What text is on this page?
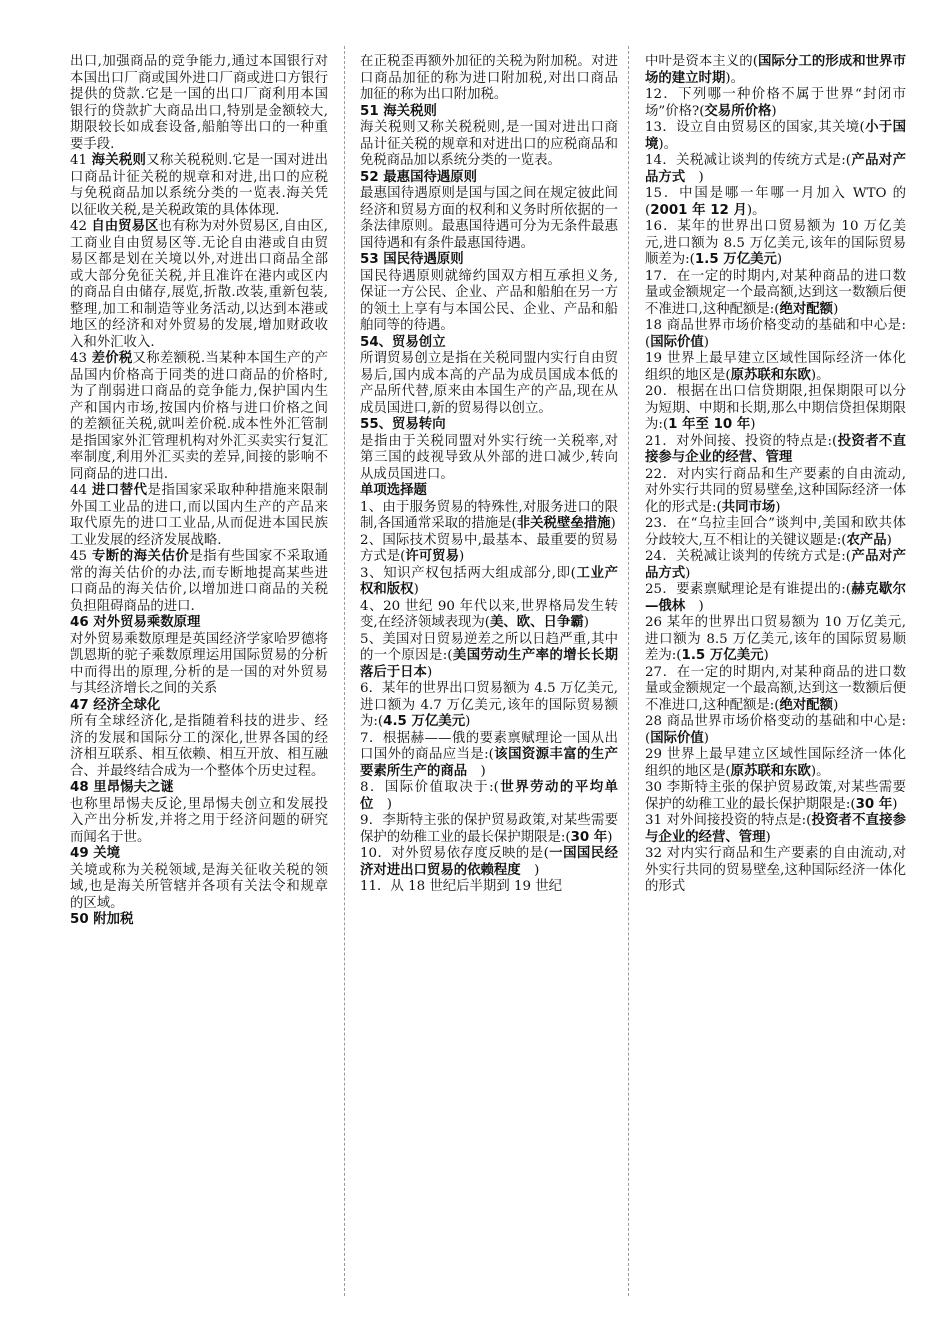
出口,加强商品的竞争能力,通过本国银行对本国出口厂商或国外进口厂商或进口方银行提供的贷款.它是一国的出口厂商利用本国银行的贷款扩大商品出口,特别是金额较大,期限较长如成套设备,船舶等出口的一种重要手段.

41 海关税则又称关税税则.它是一国对进出口商品计征关税的规章和对进,出口的应税与免税商品加以系统分类的一览表.海关凭以征收关税,是关税政策的具体体现.

42 自由贸易区也有称为对外贸易区,自由区,工商业自由贸易区等.无论自由港或自由贸易区都是划在关境以外,对进出口商品全部或大部分免征关税,并且准许在港内或区内的商品自由储存,展览,折散.改装,重新包装,整理,加工和制造等业务活动,以达到本港或地区的经济和对外贸易的发展,增加财政收入和外汇收入.

43 差价税又称差额税.当某种本国生产的产品国内价格高于同类的进口商品的价格时,为了削弱进口商品的竞争能力,保护国内生产和国内市场,按国内价格与进口价格之间的差额征关税,就叫差价税.成本性外汇管制是指国家外汇管理机构对外汇买卖实行复汇率制度,利用外汇买卖的差异,间接的影响不同商品的进口出.

44 进口替代是指国家采取种种措施来限制外国工业品的进口,而以国内生产的产品来取代原先的进口工业品,从而促进本国民族工业发展的经济发展战略.

45 专断的海关估价是指有些国家不采取通常的海关估价的办法,而专断地提高某些进口商品的海关估价,以增加进口商品的关税负担阻碍商品的进口.

46 对外贸易乘数原理

对外贸易乘数原理是英国经济学家哈罗德将凯恩斯的驼子乘数原理运用国际贸易的分析中而得出的原理,分析的是一国的对外贸易与其经济增长之间的关系

47 经济全球化

所有全球经济化,是指随着科技的进步、经济的发展和国际分工的深化,世界各国的经济相互联系、相互依赖、相互开放、相互融合、并最终结合成为一个整体个历史过程。

48 里昂惕夫之谜

也称里昂惕夫反论,里昂惕夫创立和发展投入产出分析发,并将之用于经济问题的研究而闻名于世。

49 关境

关境或称为关税领域,是海关征收关税的领域,也是海关所管辖并各项有关法令和规章的区域。

50 附加税

在正税歪再额外加征的关税为附加税。对进口商品加征的称为进口附加税,对出口商品加征的称为出口附加税。

51 海关税则

海关税则又称关税税则,是一国对进出口商品计征关税的规章和对进出口的应税商品和免税商品加以系统分类的一览表。

52 最惠国待遇原则

最惠国待遇原则是国与国之间在规定彼此间经济和贸易方面的权利和义务时所依据的一条法律原则。最惠国待遇可分为无条件最惠国待遇和有条件最惠国待遇。

53 国民待遇原则

国民待遇原则就缔约国双方相互承担义务,保证一方公民、企业、产品和船舶在另一方的领土上享有与本国公民、企业、产品和船舶同等的待遇。

54、贸易创立

所谓贸易创立是指在关税同盟内实行自由贸易后,国内成本高的产品为成员国成本低的产品所代替,原来由本国生产的产品,现在从成员国进口,新的贸易得以创立。

55、贸易转向

是指由于关税同盟对外实行统一关税率,对第三国的歧视导致从外部的进口减少,转向从成员国进口。

单项选择题

1、由于服务贸易的特殊性,对服务进口的限制,各国通常采取的措施是(非关税壁垒措施)

2、国际技术贸易中,最基本、最重要的贸易方式是(许可贸易)

3、知识产权包括两大组成部分,即(工业产权和版权)

4、20 世纪 90 年代以来,世界格局发生转变,在经济领域表现为(美、欧、日争霸)

5、美国对日贸易逆差之所以日趋严重,其中的一个原因是:(美国劳动生产率的增长长期落后于日本)

6．某年的世界出口贸易额为 4.5 万亿美元,进口额为 4.7 万亿美元,该年的国际贸易额为:(4.5 万亿美元)

7．根据赫——俄的要素禀赋理论一国从出口国外的商品应当是:(该国资源丰富的生产要素所生产的商品　)

8．国际价值取决于:(世界劳动的平均单位　)

9．李斯特主张的保护贸易政策,对某些需要保护的幼稚工业的最长保护期限是:(30 年)

10．对外贸易依存度反映的是(一国国民经济对进出口贸易的依赖程度　)

11．从 18 世纪后半期到 19 世纪

中叶是资本主义的(国际分工的形成和世界市场的建立时期)。

12．下列哪一种价格不属于世界“封闭市场”价格?(交易所价格)

13．设立自由贸易区的国家,其关境(小于国境)。

14．关税减让谈判的传统方式是:(产品对产品方式　)

15．中国是哪一年哪一月加入 WTO 的(2001 年 12 月)。

16．某年的世界出口贸易额为 10 万亿美元,进口额为 8.5 万亿美元,该年的国际贸易顺差为:(1.5 万亿美元)

17．在一定的时期内,对某种商品的进口数量或金额规定一个最高额,达到这一数额后便不准进口,这种配额是:(绝对配额)

18 商品世界市场价格变动的基础和中心是:(国际价值)

19 世界上最早建立区域性国际经济一体化组织的地区是(原苏联和东欧)。

20．根据在出口信贷期限,担保期限可以分为短期、中期和长期,那么中期信贷担保期限为:(1 年至 10 年)

21．对外间接、投资的特点是:(投资者不直接参与企业的经营、管理

22．对内实行商品和生产要素的自由流动,对外实行共同的贸易壁垒,这种国际经济一体化的形式是:(共同市场)

23．在“乌拉圭回合”谈判中,美国和欧共体分歧较大,互不相让的关键议题是:(农产品)

24．关税减让谈判的传统方式是:(产品对产品方式)

25．要素禀赋理论是有谁提出的:(赫克歇尔—俄林　)

26 某年的世界出口贸易额为 10 万亿美元,进口额为 8.5 万亿美元,该年的国际贸易顺差为:(1.5 万亿美元)

27．在一定的时期内,对某种商品的进口数量或金额规定一个最高额,达到这一数额后便不准进口,这种配额是:(绝对配额)

28 商品世界市场价格变动的基础和中心是:(国际价值)

29 世界上最早建立区域性国际经济一体化组织的地区是(原苏联和东欧)。

30 李斯特主张的保护贸易政策,对某些需要保护的幼稚工业的最长保护期限是:(30 年)

31 对外间接投资的特点是:(投资者不直接参与企业的经营、管理)

32 对内实行商品和生产要素的自由流动,对外实行共同的贸易壁垒,这种国际经济一体化的形式
